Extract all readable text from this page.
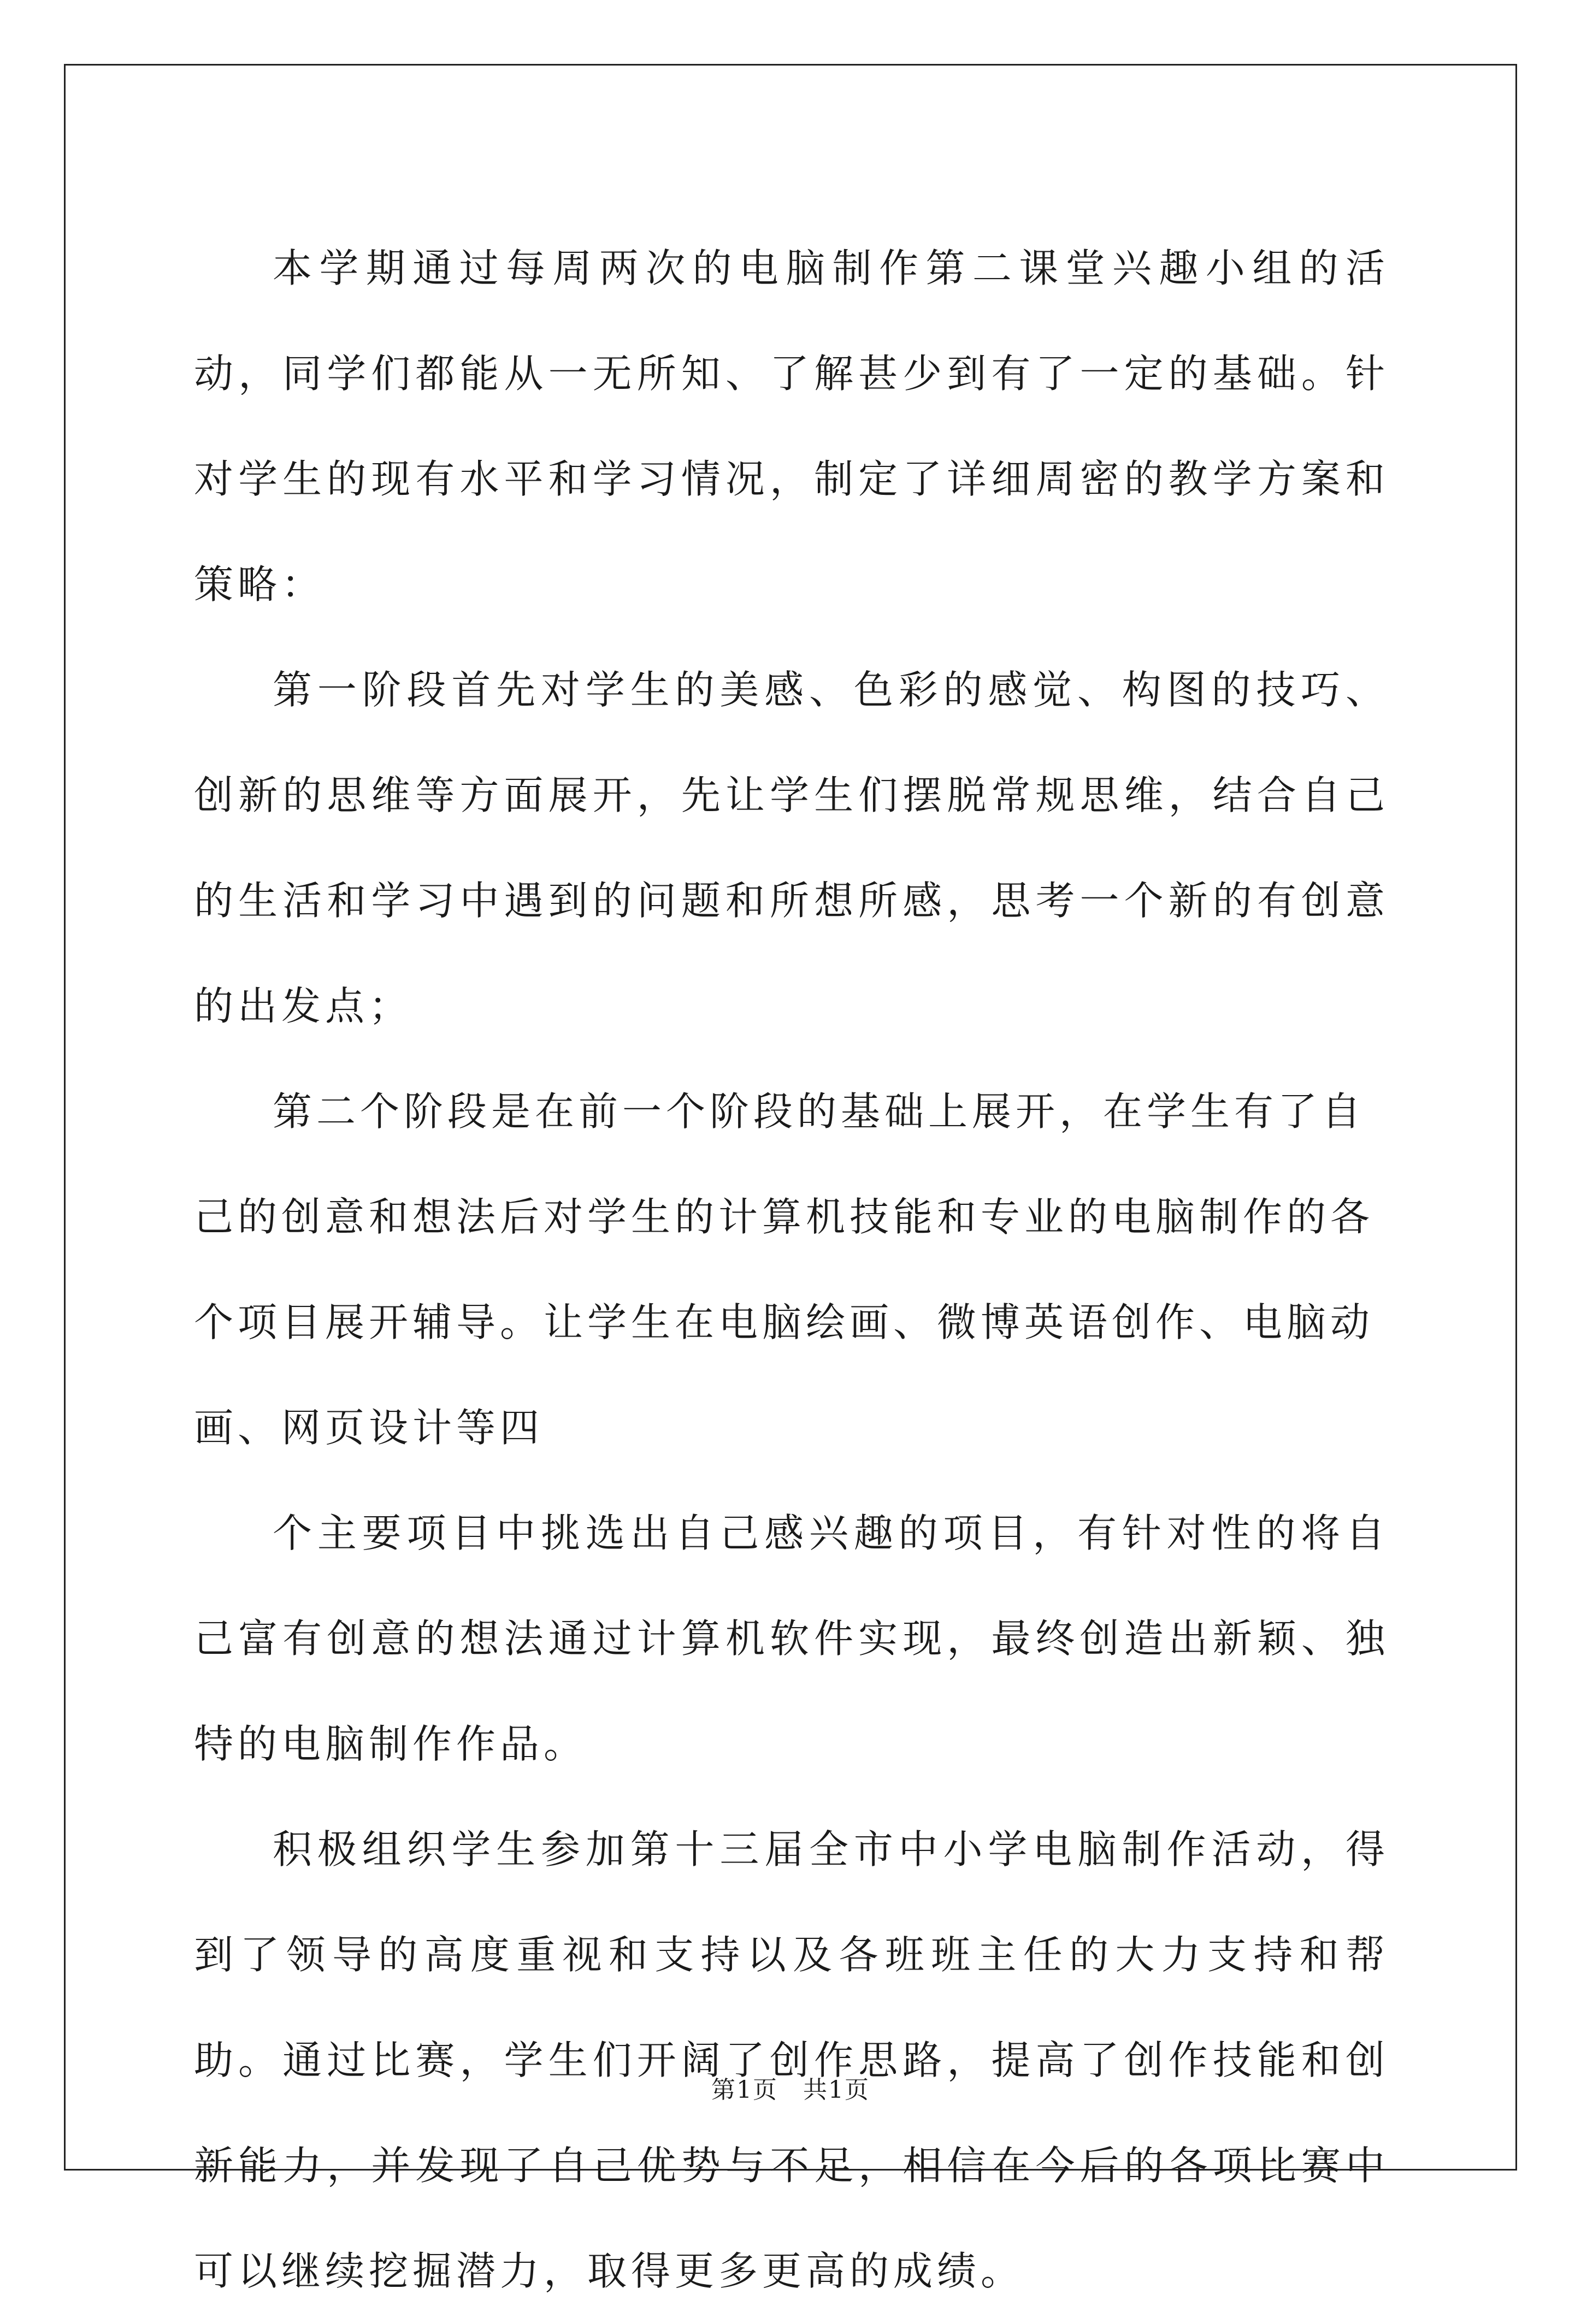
本学期通过每周两次的电脑制作第二课堂兴趣小组的活动，同学们都能从一无所知、了解甚少到有了一定的基础。针对学生的现有水平和学习情况，制定了详细周密的教学方案和策略：

第一阶段首先对学生的美感、色彩的感觉、构图的技巧、创新的思维等方面展开，先让学生们摆脱常规思维，结合自己的生活和学习中遇到的问题和所想所感，思考一个新的有创意的出发点；

第二个阶段是在前一个阶段的基础上展开，在学生有了自己的创意和想法后对学生的计算机技能和专业的电脑制作的各个项目展开辅导。让学生在电脑绘画、微博英语创作、电脑动画、网页设计等四

个主要项目中挑选出自己感兴趣的项目，有针对性的将自己富有创意的想法通过计算机软件实现，最终创造出新颖、独特的电脑制作作品。

积极组织学生参加第十三届全市中小学电脑制作活动，得到了领导的高度重视和支持以及各班班主任的大力支持和帮助。通过比赛，学生们开阔了创作思路，提高了创作技能和创新能力，并发现了自己优势与不足，相信在今后的各项比赛中可以继续挖掘潜力，取得更多更高的成绩。

第1页　共1页
